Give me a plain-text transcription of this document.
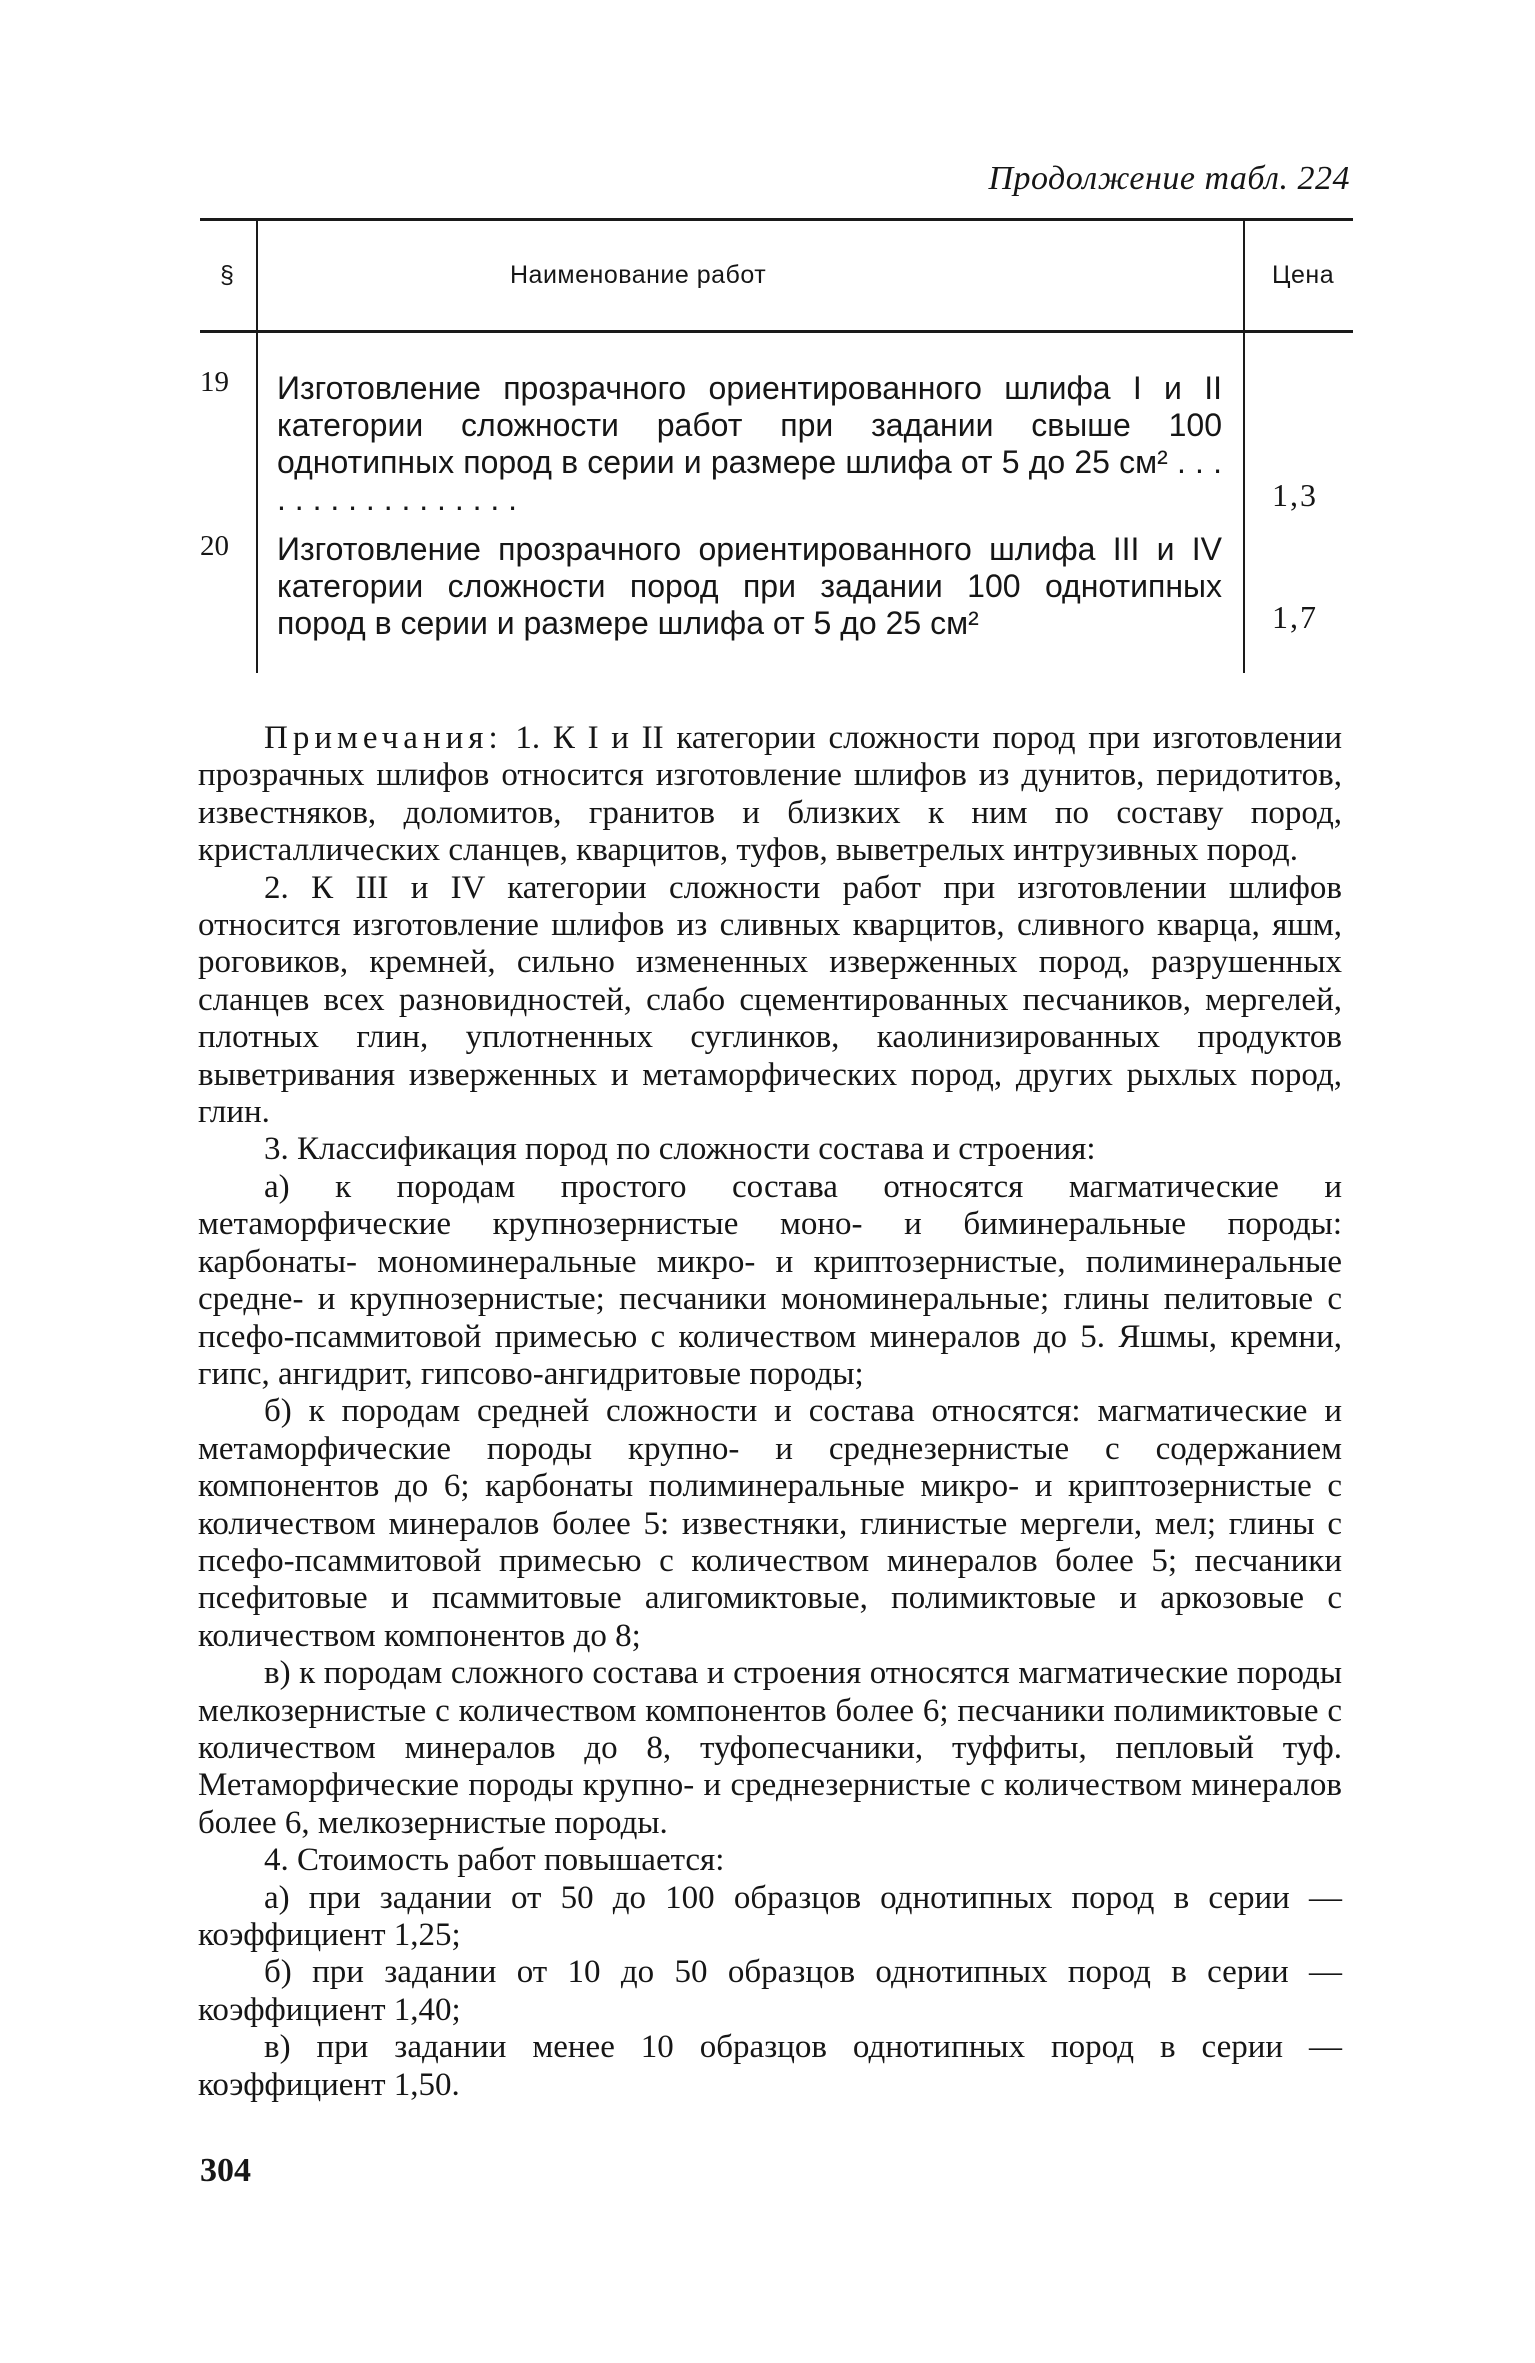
Продолжение табл. 224
§	Наименование работ	Цена
19 Изготовление прозрачного ориентированного шлифа I и II категории сложности работ при задании свыше 100 однотипных пород в серии и размере шлифа от 5 до 25 см² . . . . . . . . . . . . . . . . .	1,3
20 Изготовление прозрачного ориентированного шлифа III и IV категории сложности пород при задании 100 однотипных пород в серии и размере шлифа от 5 до 25 см²	1,7

Примечания: 1. К I и II категории сложности пород при изготовлении прозрачных шлифов относится изготовление шлифов из дунитов, перидотитов, известняков, доломитов, гранитов и близких к ним по составу пород, кристаллических сланцев, кварцитов, туфов, выветрелых интрузивных пород.

2. К III и IV категории сложности работ при изготовлении шлифов относится изготовление шлифов из сливных кварцитов, сливного кварца, яшм, роговиков, кремней, сильно измененных изверженных пород, разрушенных сланцев всех разновидностей, слабо сцементированных песчаников, мергелей, плотных глин, уплотненных суглинков, каолинизированных продуктов выветривания изверженных и метаморфических пород, других рыхлых пород, глин.

3. Классификация пород по сложности состава и строения:

а) к породам простого состава относятся магматические и метаморфические крупнозернистые моно- и биминеральные породы: карбонаты- мономинеральные микро- и криптозернистые, полиминеральные средне- и крупнозернистые; песчаники мономинеральные; глины пелитовые с псефо-псаммитовой примесью с количеством минералов до 5. Яшмы, кремни, гипс, ангидрит, гипсово-ангидритовые породы;

б) к породам средней сложности и состава относятся: магматические и метаморфические породы крупно- и среднезернистые с содержанием компонентов до 6; карбонаты полиминеральные микро- и криптозернистые с количеством минералов более 5: известняки, глинистые мергели, мел; глины с псефо-псаммитовой примесью с количеством минералов более 5; песчаники псефитовые и псаммитовые алигомиктовые, полимиктовые и аркозовые с количеством компонентов до 8;

в) к породам сложного состава и строения относятся магматические породы мелкозернистые с количеством компонентов более 6; песчаники полимиктовые с количеством минералов до 8, туфопесчаники, туффиты, пепловый туф. Метаморфические породы крупно- и среднезернистые с количеством минералов более 6, мелкозернистые породы.

4. Стоимость работ повышается:

а) при задании от 50 до 100 образцов однотипных пород в серии — коэффициент 1,25;

б) при задании от 10 до 50 образцов однотипных пород в серии — коэффициент 1,40;

в) при задании менее 10 образцов однотипных пород в серии — коэффициент 1,50.

304
